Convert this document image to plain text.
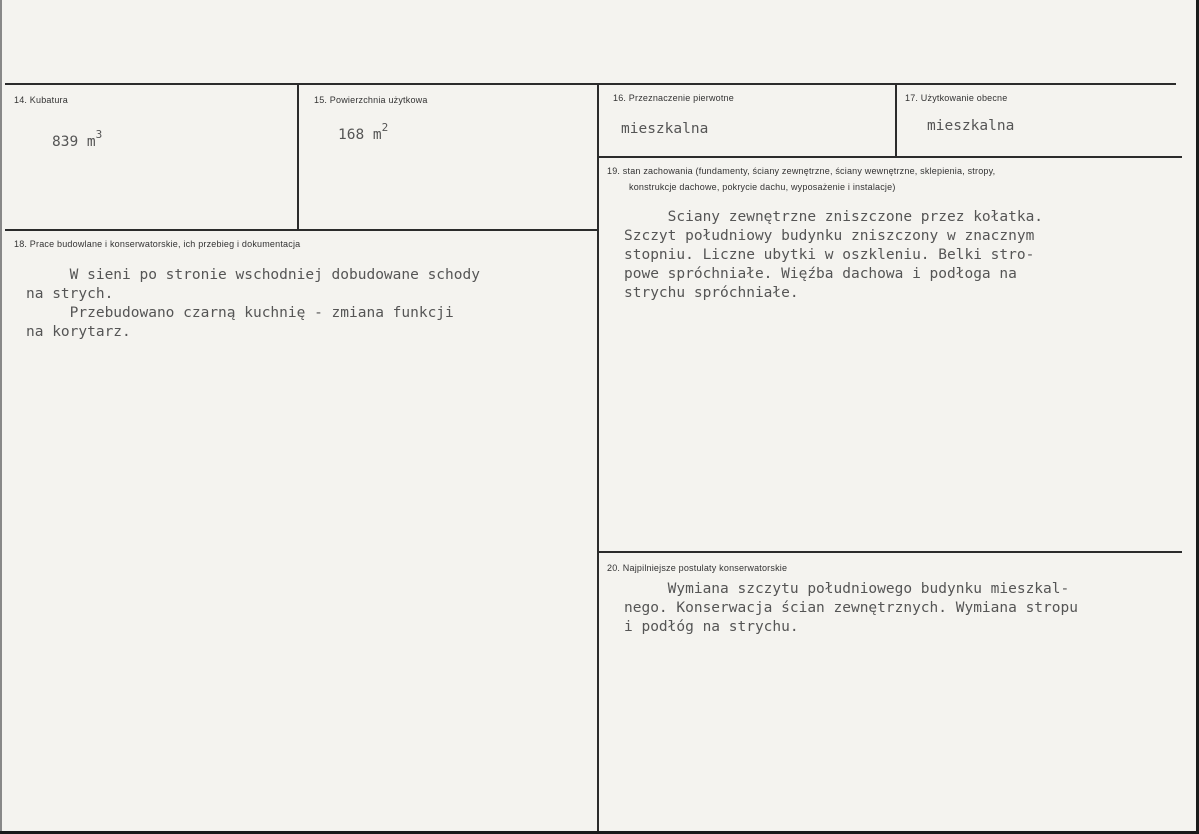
14. Kubatura
839 $m^3$
15. Powierzchnia użytkowa
168 $m^2$
16. Przeznaczenie pierwotne
mieszkalna
17. Użytkowanie obecne
mieszkalna
18. Prace budowlane i konserwatorskie, ich przebieg i dokumentacja
W sieni po stronie wschodniej dobudowane schody
na strych.
Przebudowano czarną kuchnię - zmiana funkcji
na korytarz.
19. stan zachowania (fundamenty, ściany zewnętrzne, ściany wewnętrzne, sklepienia, stropy,
konstrukcje dachowe, pokrycie dachu, wyposażenie i instalacje)
Sciany zewnętrzne zniszczone przez kołatka.
Szczyt południowy budynku zniszczony w znacznym
stopniu. Liczne ubytki w oszkleniu. Belki stro-
powe spróchniałe. Więźba dachowa i podłoga na
strychu spróchniałe.
20. Najpilniejsze postulaty konserwatorskie
Wymiana szczytu południowego budynku mieszkal-
nego. Konserwacja ścian zewnętrznych. Wymiana stropu
i podłóg na strychu.
